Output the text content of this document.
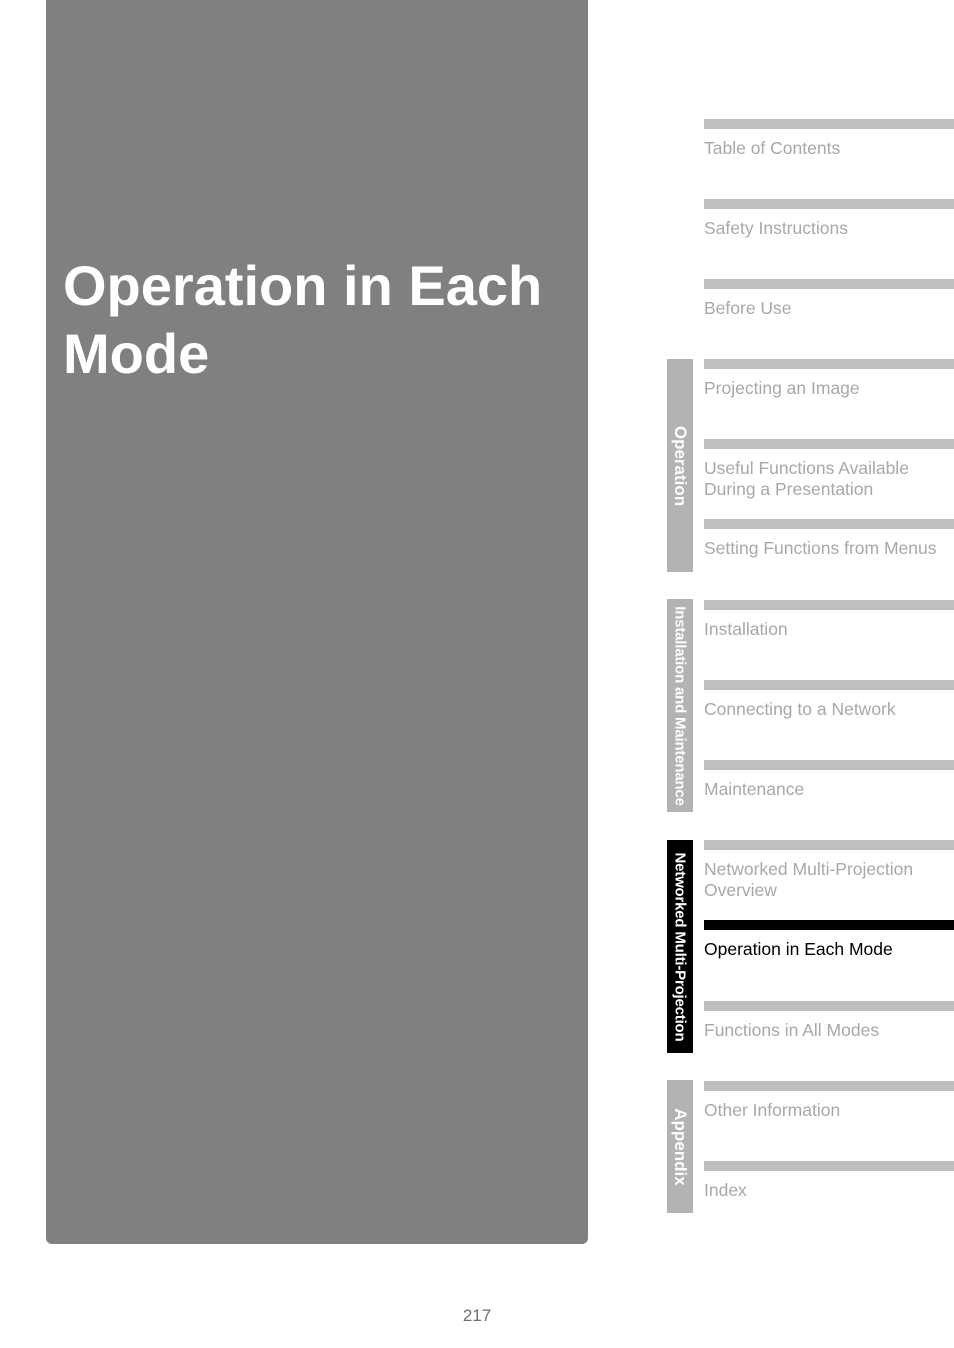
Operation in Each Mode
Operation
Installation and Maintenance
Networked Multi-Projection
Appendix
Table of Contents
Safety Instructions
Before Use
Projecting an Image
Useful Functions Available During a Presentation
Setting Functions from Menus
Installation
Connecting to a Network
Maintenance
Networked Multi-Projection Overview
Operation in Each Mode
Functions in All Modes
Other Information
Index
217
